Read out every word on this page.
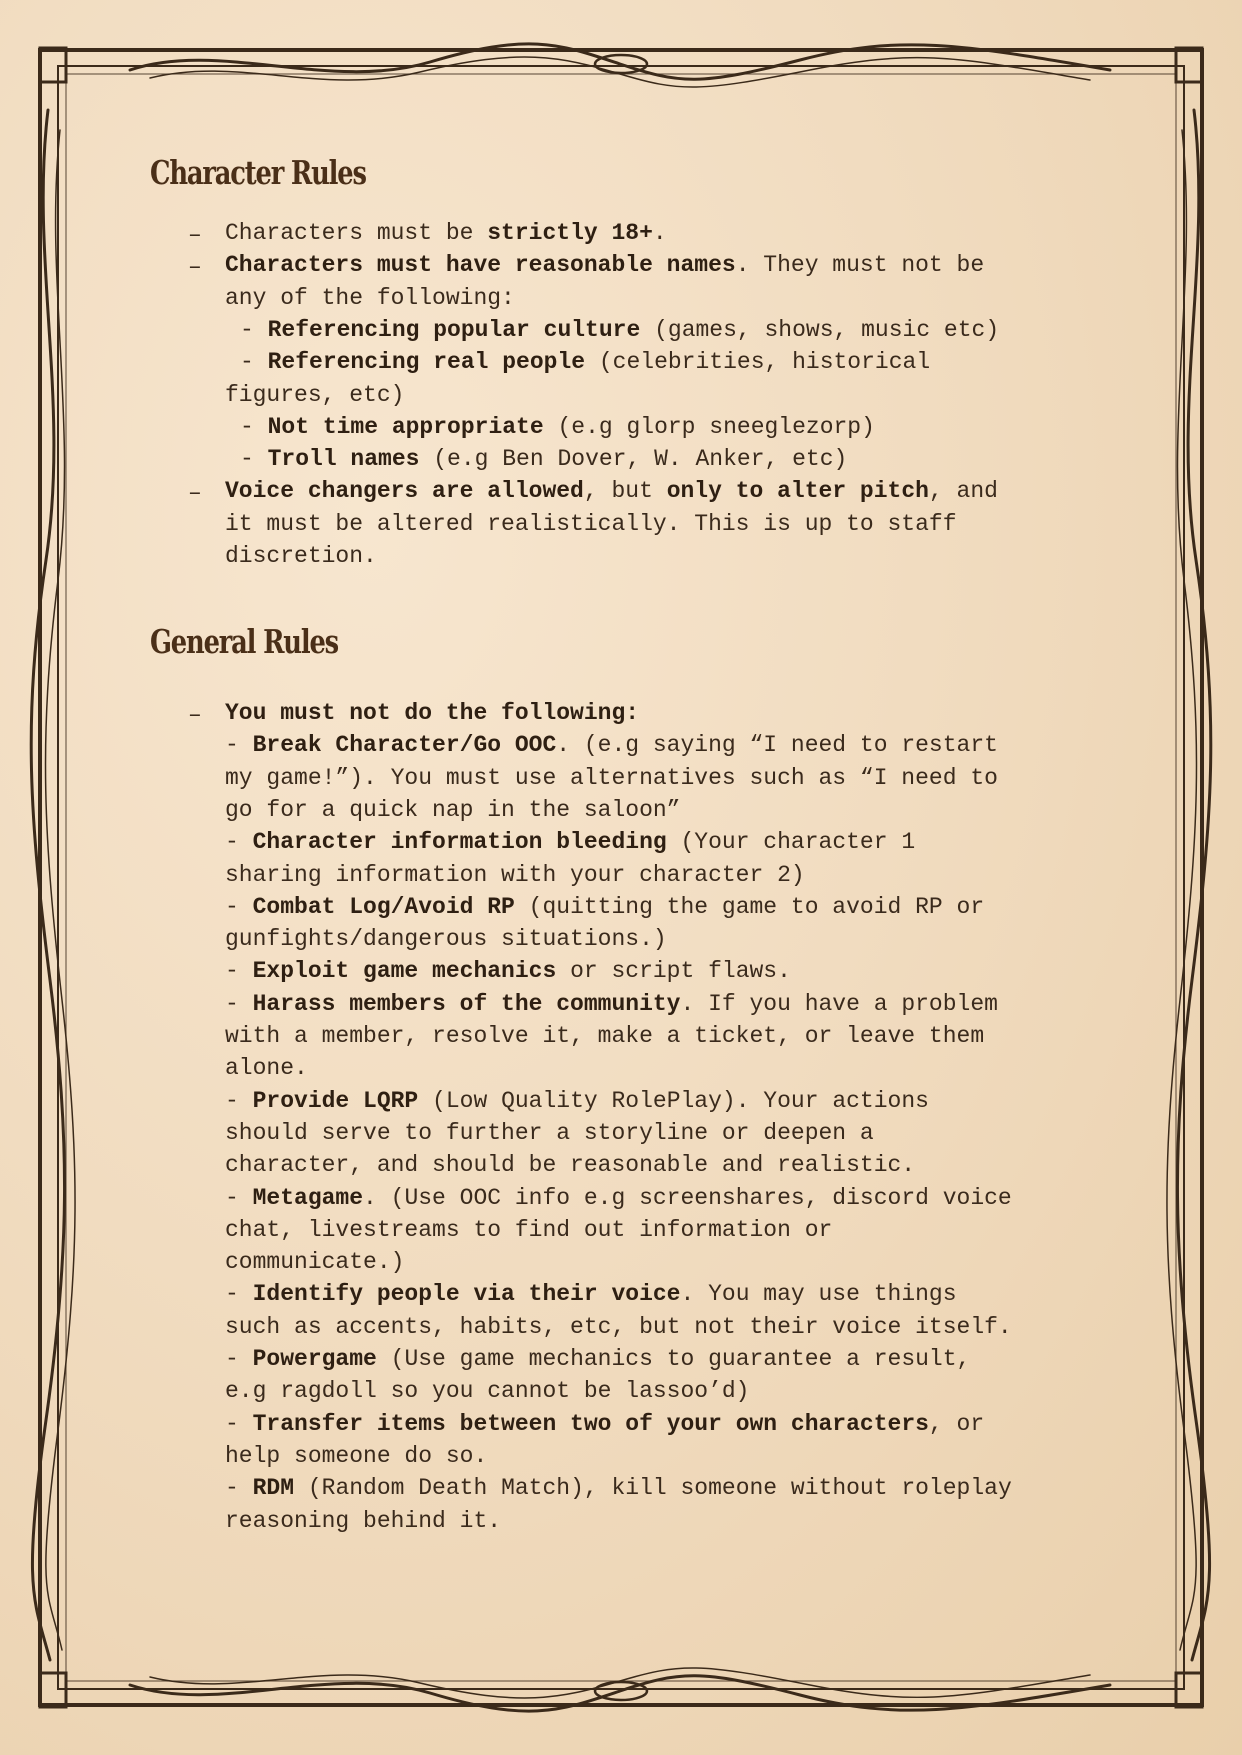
Character Rules
– Characters must be strictly 18+.
– Characters must have reasonable names. They must not be
any of the following:
- Referencing popular culture (games, shows, music etc)
- Referencing real people (celebrities, historical
figures, etc)
- Not time appropriate (e.g glorp sneeglezorp)
- Troll names (e.g Ben Dover, W. Anker, etc)
– Voice changers are allowed, but only to alter pitch, and
it must be altered realistically. This is up to staff
discretion.
General Rules
– You must not do the following:
- Break Character/Go OOC. (e.g saying “I need to restart
my game!”). You must use alternatives such as “I need to
go for a quick nap in the saloon”
- Character information bleeding (Your character 1
sharing information with your character 2)
- Combat Log/Avoid RP (quitting the game to avoid RP or
gunfights/dangerous situations.)
- Exploit game mechanics or script flaws.
- Harass members of the community. If you have a problem
with a member, resolve it, make a ticket, or leave them
alone.
- Provide LQRP (Low Quality RolePlay). Your actions
should serve to further a storyline or deepen a
character, and should be reasonable and realistic.
- Metagame. (Use OOC info e.g screenshares, discord voice
chat, livestreams to find out information or
communicate.)
- Identify people via their voice. You may use things
such as accents, habits, etc, but not their voice itself.
- Powergame (Use game mechanics to guarantee a result,
e.g ragdoll so you cannot be lassoo’d)
- Transfer items between two of your own characters, or
help someone do so.
- RDM (Random Death Match), kill someone without roleplay
reasoning behind it.
